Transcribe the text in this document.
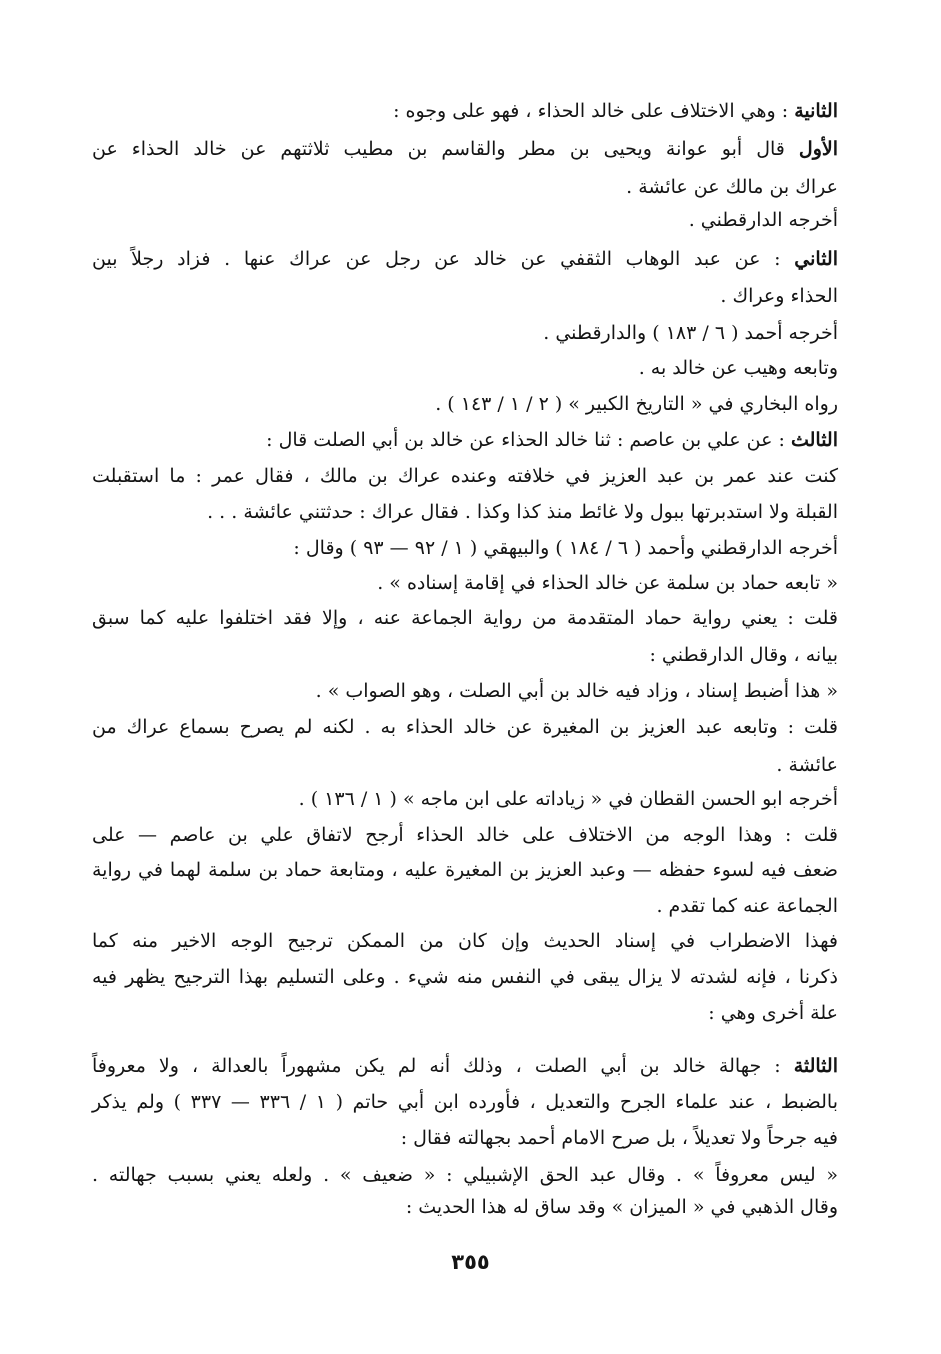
الثانية : وهي الاختلاف على خالد الحذاء ، فهو على وجوه :
الأول قال أبو عوانة ويحيى بن مطر والقاسم بن مطيب ثلاثتهم عن خالد الحذاء عن
عراك بن مالك عن عائشة .
أخرجه الدارقطني .
الثاني : عن عبد الوهاب الثقفي عن خالد عن رجل عن عراك عنها . فزاد رجلاً بين
الحذاء وعراك .
أخرجه أحمد ( ٦ / ١٨٣ ) والدارقطني .
وتابعه وهيب عن خالد به .
رواه البخاري في « التاريخ الكبير » ( ٢ / ١ / ١٤٣ ) .
الثالث : عن علي بن عاصم : ثنا خالد الحذاء عن خالد بن أبي الصلت قال :
كنت عند عمر بن عبد العزيز في خلافته وعنده عراك بن مالك ، فقال عمر : ما استقبلت
القبلة ولا استدبرتها ببول ولا غائط منذ كذا وكذا . فقال عراك : حدثتني عائشة . . .
أخرجه الدارقطني وأحمد ( ٦ / ١٨٤ ) والبيهقي ( ١ / ٩٢ — ٩٣ ) وقال :
« تابعه حماد بن سلمة عن خالد الحذاء في إقامة إسناده » .
قلت : يعني رواية حماد المتقدمة من رواية الجماعة عنه ، وإلا فقد اختلفوا عليه كما سبق
بيانه ، وقال الدارقطني :
« هذا أضبط إسناد ، وزاد فيه خالد بن أبي الصلت ، وهو الصواب » .
قلت : وتابعه عبد العزيز بن المغيرة عن خالد الحذاء به . لكنه لم يصرح بسماع عراك من
عائشة .
أخرجه ابو الحسن القطان في « زياداته على ابن ماجه » ( ١ / ١٣٦ ) .
قلت : وهذا الوجه من الاختلاف على خالد الحذاء أرجح لاتفاق علي بن عاصم — على
ضعف فيه لسوء حفظه — وعبد العزيز بن المغيرة عليه ، ومتابعة حماد بن سلمة لهما في رواية
الجماعة عنه كما تقدم .
فهذا الاضطراب في إسناد الحديث وإن كان من الممكن ترجيح الوجه الاخير منه كما
ذكرنا ، فإنه لشدته لا يزال يبقى في النفس منه شيء . وعلى التسليم بهذا الترجيح يظهر فيه
علة أخرى وهي :
الثالثة : جهالة خالد بن أبي الصلت ، وذلك أنه لم يكن مشهوراً بالعدالة ، ولا معروفاً
بالضبط ، عند علماء الجرح والتعديل ، فأورده ابن أبي حاتم ( ١ / ٣٣٦ — ٣٣٧ ) ولم يذكر
فيه جرحاً ولا تعديلاً ، بل صرح الامام أحمد بجهالته فقال :
« ليس معروفاً » . وقال عبد الحق الإشبيلي : « ضعيف » . ولعله يعني بسبب جهالته .
وقال الذهبي في « الميزان » وقد ساق له هذا الحديث :
٣٥٥
